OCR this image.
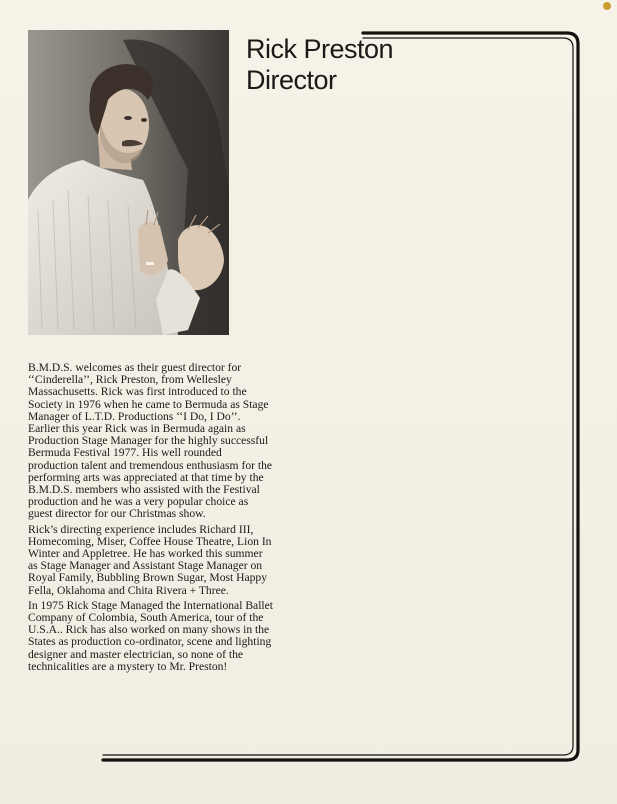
Rick Preston
Director

B.M.D.S. welcomes as their guest director for ‘‘Cinderella’’, Rick Preston, from Wellesley Massachusetts. Rick was first introduced to the Society in 1976 when he came to Bermuda as Stage Manager of L.T.D. Productions ‘‘I Do, I Do’’. Earlier this year Rick was in Bermuda again as Production Stage Manager for the highly successful Bermuda Festival 1977. His well rounded production talent and tremendous enthusiasm for the performing arts was appreciated at that time by the B.M.D.S. members who assisted with the Festival production and he was a very popular choice as guest director for our Christmas show.

Rick’s directing experience includes Richard III, Homecoming, Miser, Coffee House Theatre, Lion In Winter and Appletree. He has worked this summer as Stage Manager and Assistant Stage Manager on Royal Family, Bubbling Brown Sugar, Most Happy Fella, Oklahoma and Chita Rivera + Three.

In 1975 Rick Stage Managed the International Ballet Company of Colombia, South America, tour of the U.S.A.. Rick has also worked on many shows in the States as production co-ordinator, scene and lighting designer and master electrician, so none of the technicalities are a mystery to Mr. Preston!
